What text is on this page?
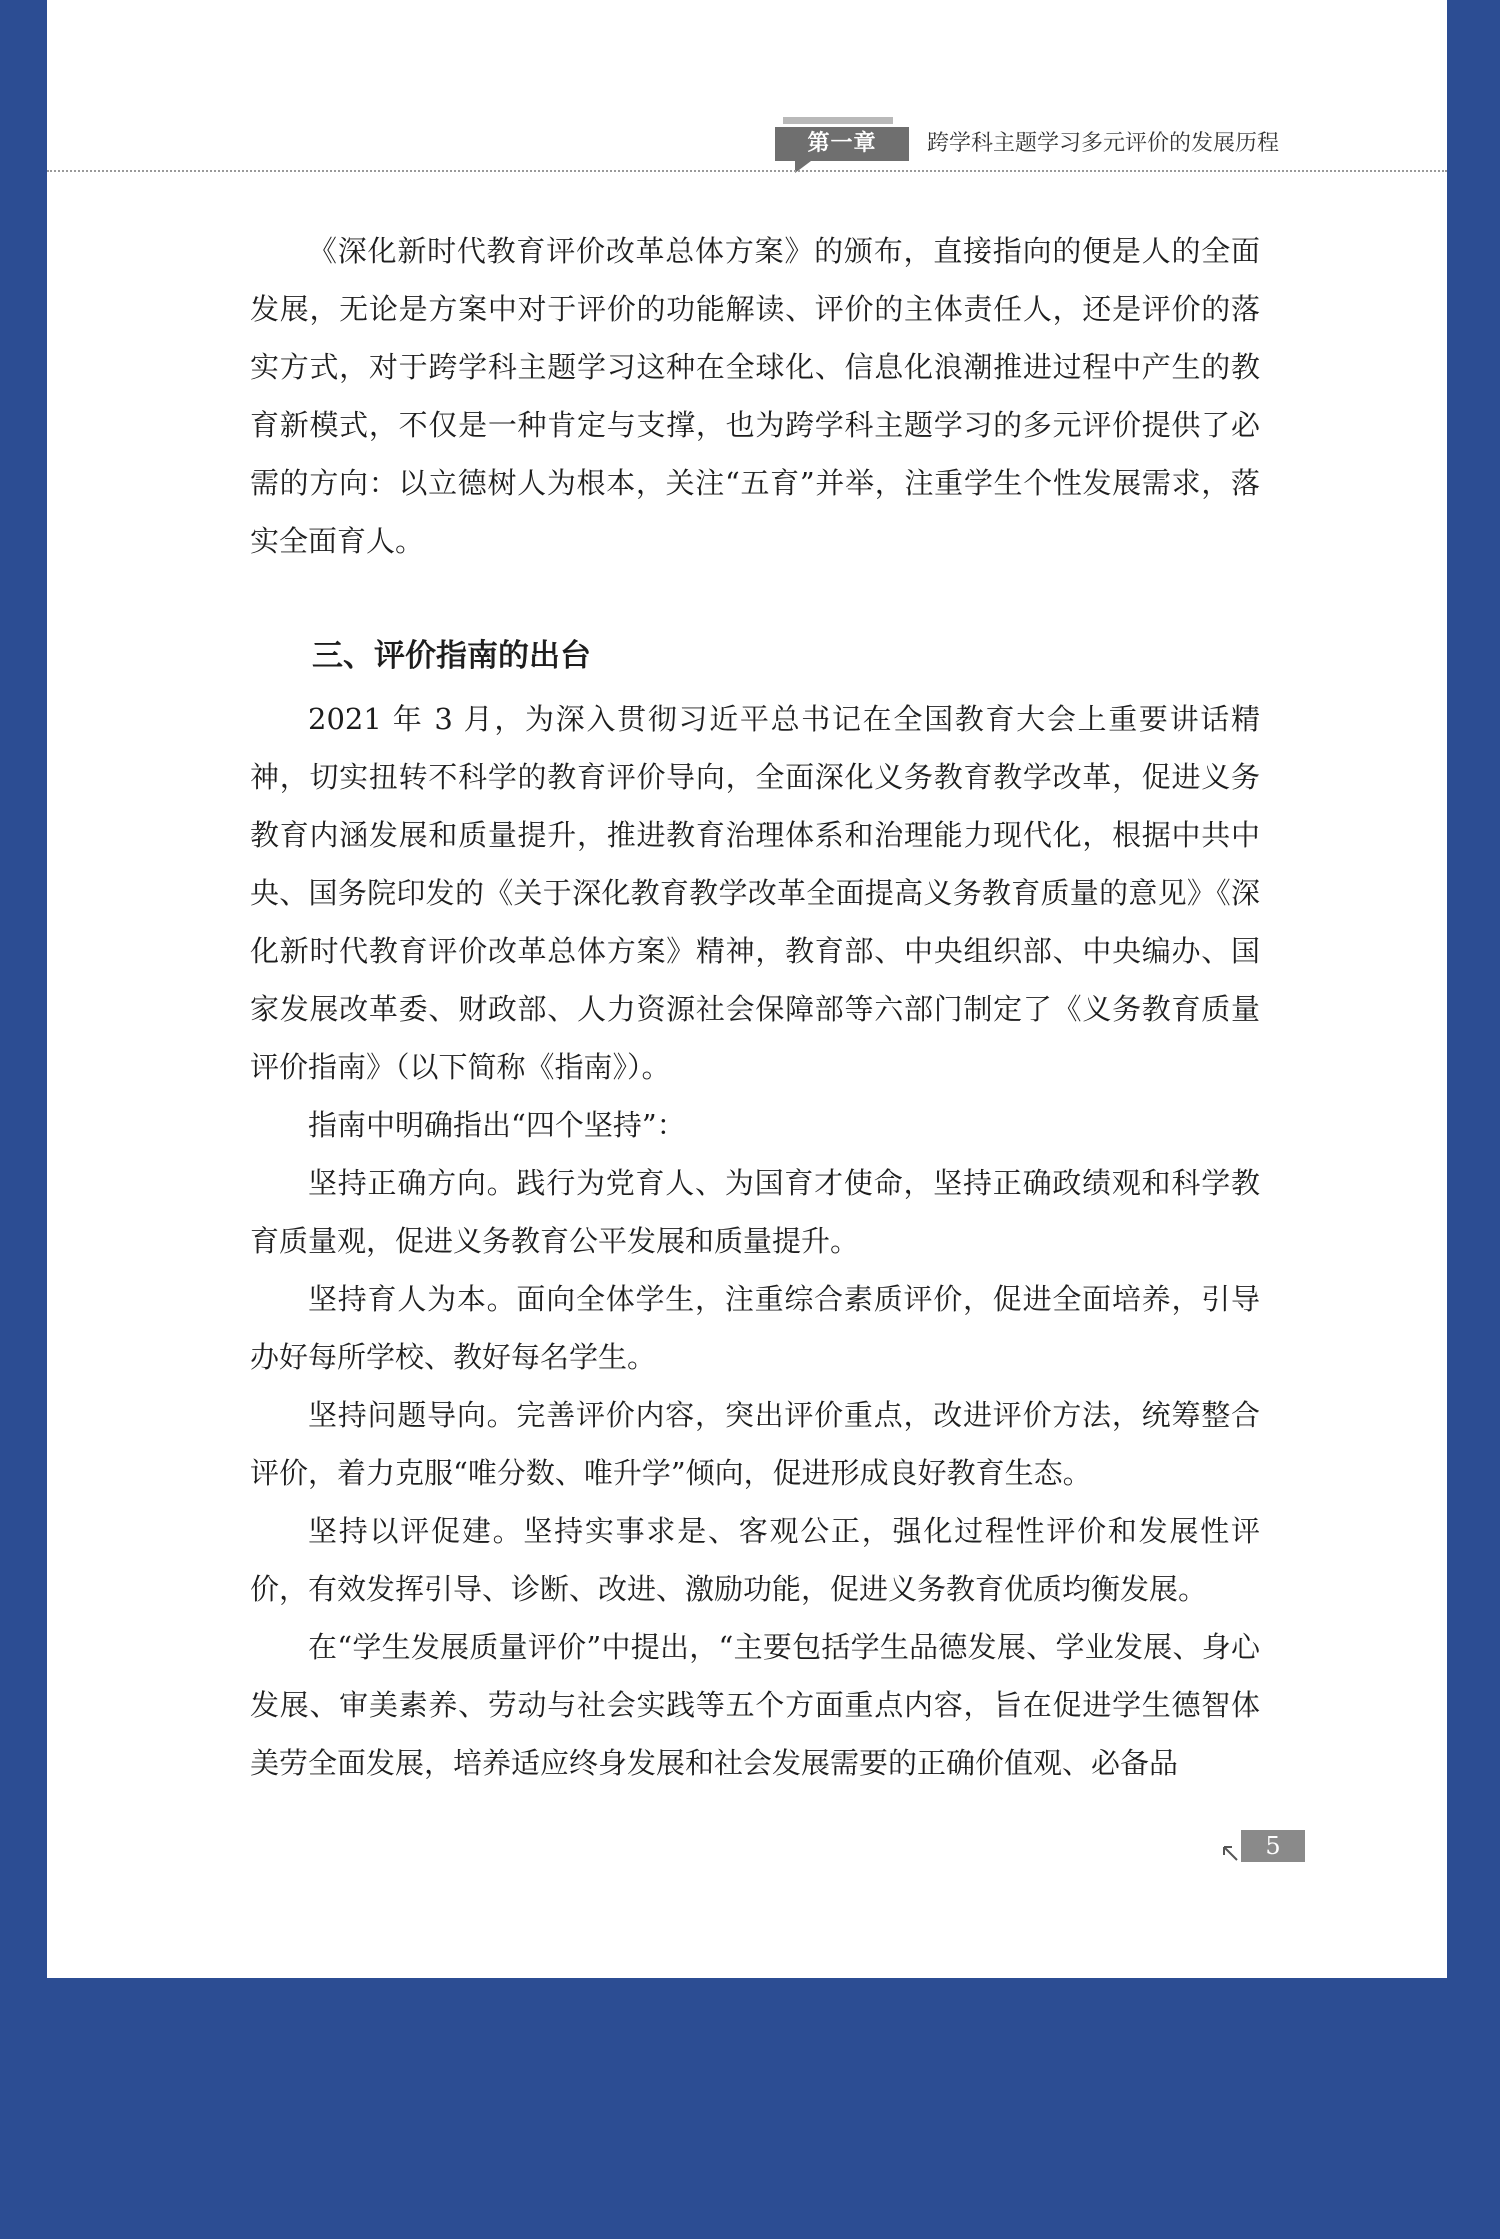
第一章	跨学科主题学习多元评价的发展历程

《深化新时代教育评价改革总体方案》的颁布，直接指向的便是人的全面发展，无论是方案中对于评价的功能解读、评价的主体责任人，还是评价的落实方式，对于跨学科主题学习这种在全球化、信息化浪潮推进过程中产生的教育新模式，不仅是一种肯定与支撑，也为跨学科主题学习的多元评价提供了必需的方向：以立德树人为根本，关注“五育”并举，注重学生个性发展需求，落实全面育人。

三、评价指南的出台

2021 年 3 月，为深入贯彻习近平总书记在全国教育大会上重要讲话精神，切实扭转不科学的教育评价导向，全面深化义务教育教学改革，促进义务教育内涵发展和质量提升，推进教育治理体系和治理能力现代化，根据中共中央、国务院印发的《关于深化教育教学改革全面提高义务教育质量的意见》《深化新时代教育评价改革总体方案》精神，教育部、中央组织部、中央编办、国家发展改革委、财政部、人力资源社会保障部等六部门制定了《义务教育质量评价指南》（以下简称《指南》）。

指南中明确指出“四个坚持”：

坚持正确方向。践行为党育人、为国育才使命，坚持正确政绩观和科学教育质量观，促进义务教育公平发展和质量提升。

坚持育人为本。面向全体学生，注重综合素质评价，促进全面培养，引导办好每所学校、教好每名学生。

坚持问题导向。完善评价内容，突出评价重点，改进评价方法，统筹整合评价，着力克服“唯分数、唯升学”倾向，促进形成良好教育生态。

坚持以评促建。坚持实事求是、客观公正，强化过程性评价和发展性评价，有效发挥引导、诊断、改进、激励功能，促进义务教育优质均衡发展。

在“学生发展质量评价”中提出，“主要包括学生品德发展、学业发展、身心发展、审美素养、劳动与社会实践等五个方面重点内容，旨在促进学生德智体美劳全面发展，培养适应终身发展和社会发展需要的正确价值观、必备品

5
